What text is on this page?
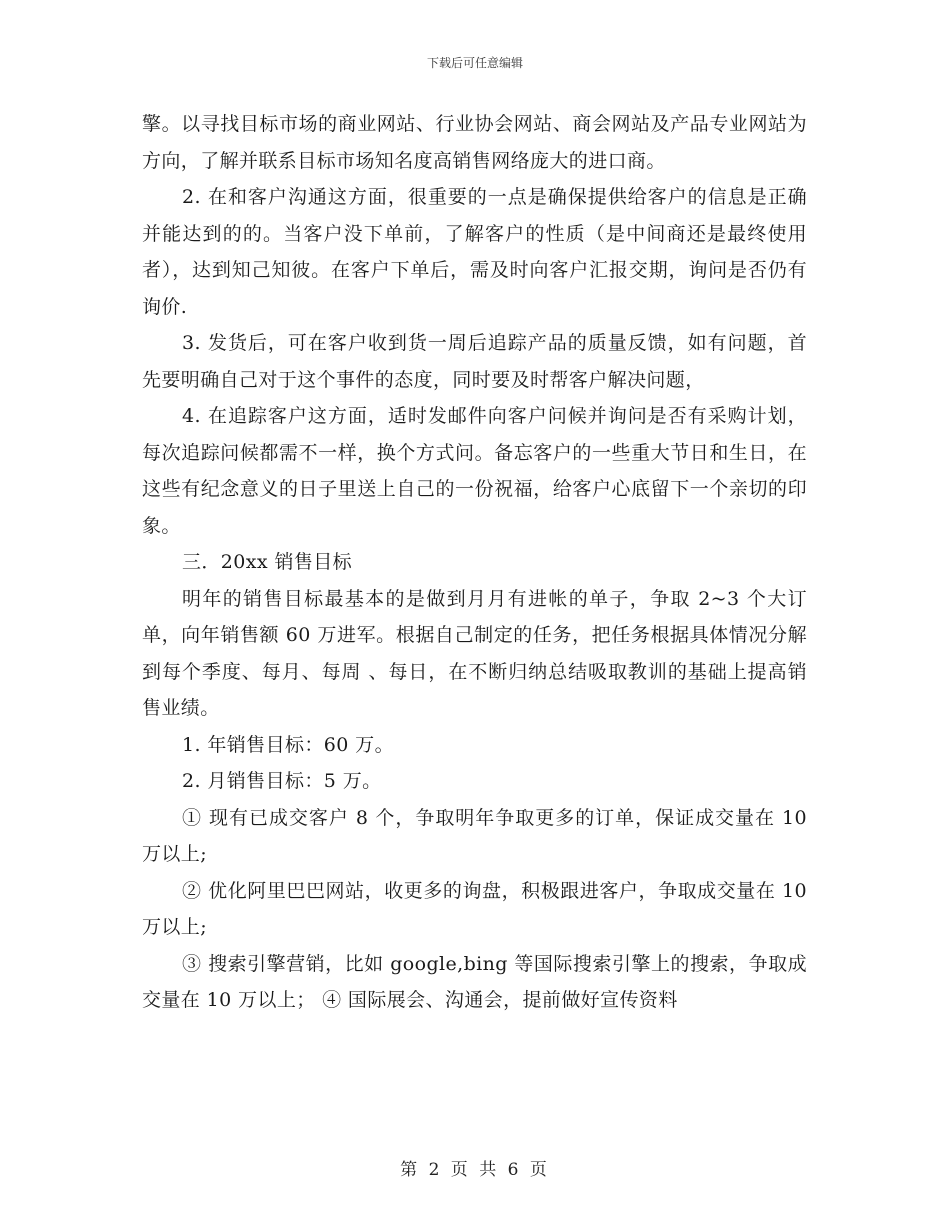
下载后可任意编辑

擎。以寻找目标市场的商业网站、行业协会网站、商会网站及产品专业网站为方向，了解并联系目标市场知名度高销售网络庞大的进口商。

2. 在和客户沟通这方面，很重要的一点是确保提供给客户的信息是正确并能达到的的。当客户没下单前，了解客户的性质（是中间商还是最终使用者），达到知己知彼。在客户下单后，需及时向客户汇报交期，询问是否仍有询价.

3. 发货后，可在客户收到货一周后追踪产品的质量反馈，如有问题，首先要明确自己对于这个事件的态度，同时要及时帮客户解决问题，

4. 在追踪客户这方面，适时发邮件向客户问候并询问是否有采购计划，每次追踪问候都需不一样，换个方式问。备忘客户的一些重大节日和生日，在这些有纪念意义的日子里送上自己的一份祝福，给客户心底留下一个亲切的印象。

三．20xx 销售目标

明年的销售目标最基本的是做到月月有进帐的单子，争取 2~3 个大订单，向年销售额 60 万进军。根据自己制定的任务，把任务根据具体情况分解到每个季度、每月、每周 、每日，在不断归纳总结吸取教训的基础上提高销售业绩。

1. 年销售目标：60 万。

2. 月销售目标：5 万。

① 现有已成交客户 8 个，争取明年争取更多的订单，保证成交量在 10 万以上;

② 优化阿里巴巴网站，收更多的询盘，积极跟进客户，争取成交量在 10 万以上;

③ 搜索引擎营销，比如 google,bing 等国际搜索引擎上的搜索，争取成交量在 10 万以上； ④ 国际展会、沟通会，提前做好宣传资料

第 2 页 共 6 页
